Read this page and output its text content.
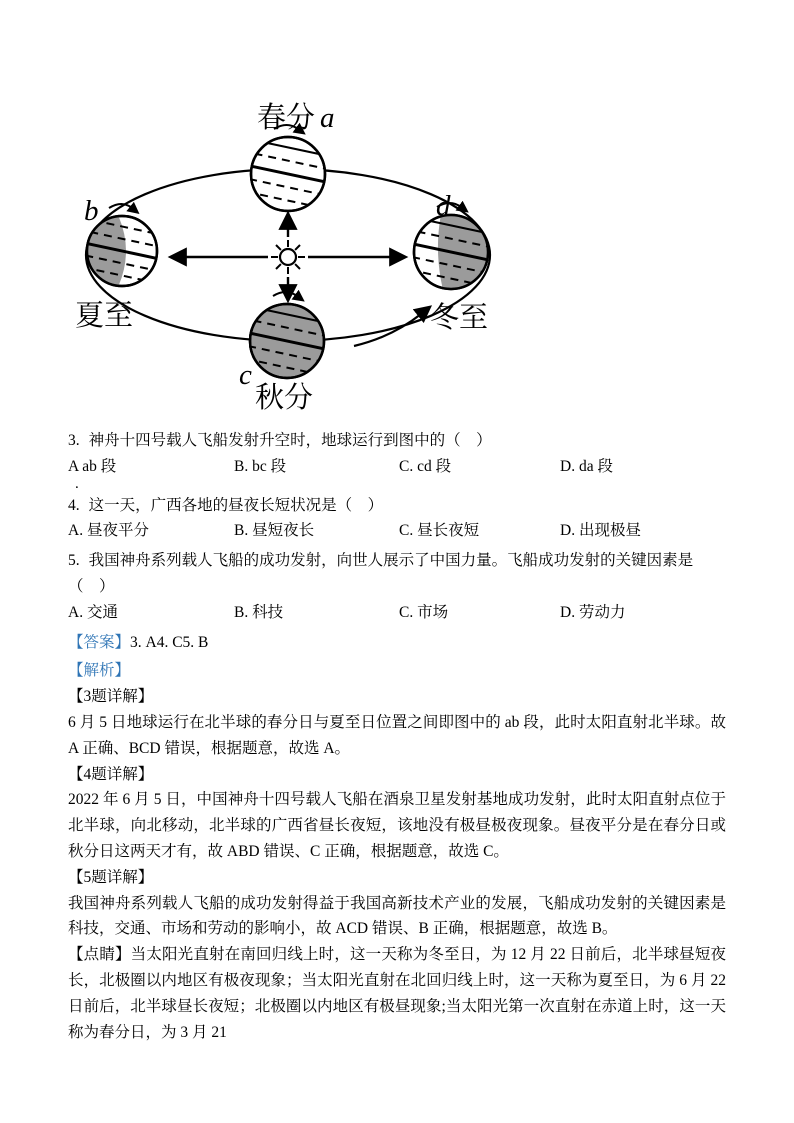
春分 a
b	d
夏至	冬至
c
秋分
3. 神舟十四号载人飞船发射升空时，地球运行到图中的（　）
A ab 段	B. bc 段	C. cd 段	D. da 段
.
4. 这一天，广西各地的昼夜长短状况是（　）
A. 昼夜平分	B. 昼短夜长	C. 昼长夜短	D. 出现极昼
5. 我国神舟系列载人飞船的成功发射，向世人展示了中国力量。飞船成功发射的关键因素是（　）
A. 交通	B. 科技	C. 市场	D. 劳动力
【答案】3. A4. C5. B
【解析】
【3题详解】
6 月 5 日地球运行在北半球的春分日与夏至日位置之间即图中的 ab 段，此时太阳直射北半球。故 A 正确、BCD 错误，根据题意，故选 A。
【4题详解】
2022 年 6 月 5 日，中国神舟十四号载人飞船在酒泉卫星发射基地成功发射，此时太阳直射点位于北半球，向北移动，北半球的广西省昼长夜短，该地没有极昼极夜现象。昼夜平分是在春分日或秋分日这两天才有，故 ABD 错误、C 正确，根据题意，故选 C。
【5题详解】
我国神舟系列载人飞船的成功发射得益于我国高新技术产业的发展，飞船成功发射的关键因素是科技，交通、市场和劳动的影响小，故 ACD 错误、B 正确，根据题意，故选 B。
【点睛】当太阳光直射在南回归线上时，这一天称为冬至日，为 12 月 22 日前后，北半球昼短夜长，北极圈以内地区有极夜现象；当太阳光直射在北回归线上时，这一天称为夏至日，为 6 月 22 日前后，北半球昼长夜短；北极圈以内地区有极昼现象;当太阳光第一次直射在赤道上时，这一天称为春分日，为 3 月 21
